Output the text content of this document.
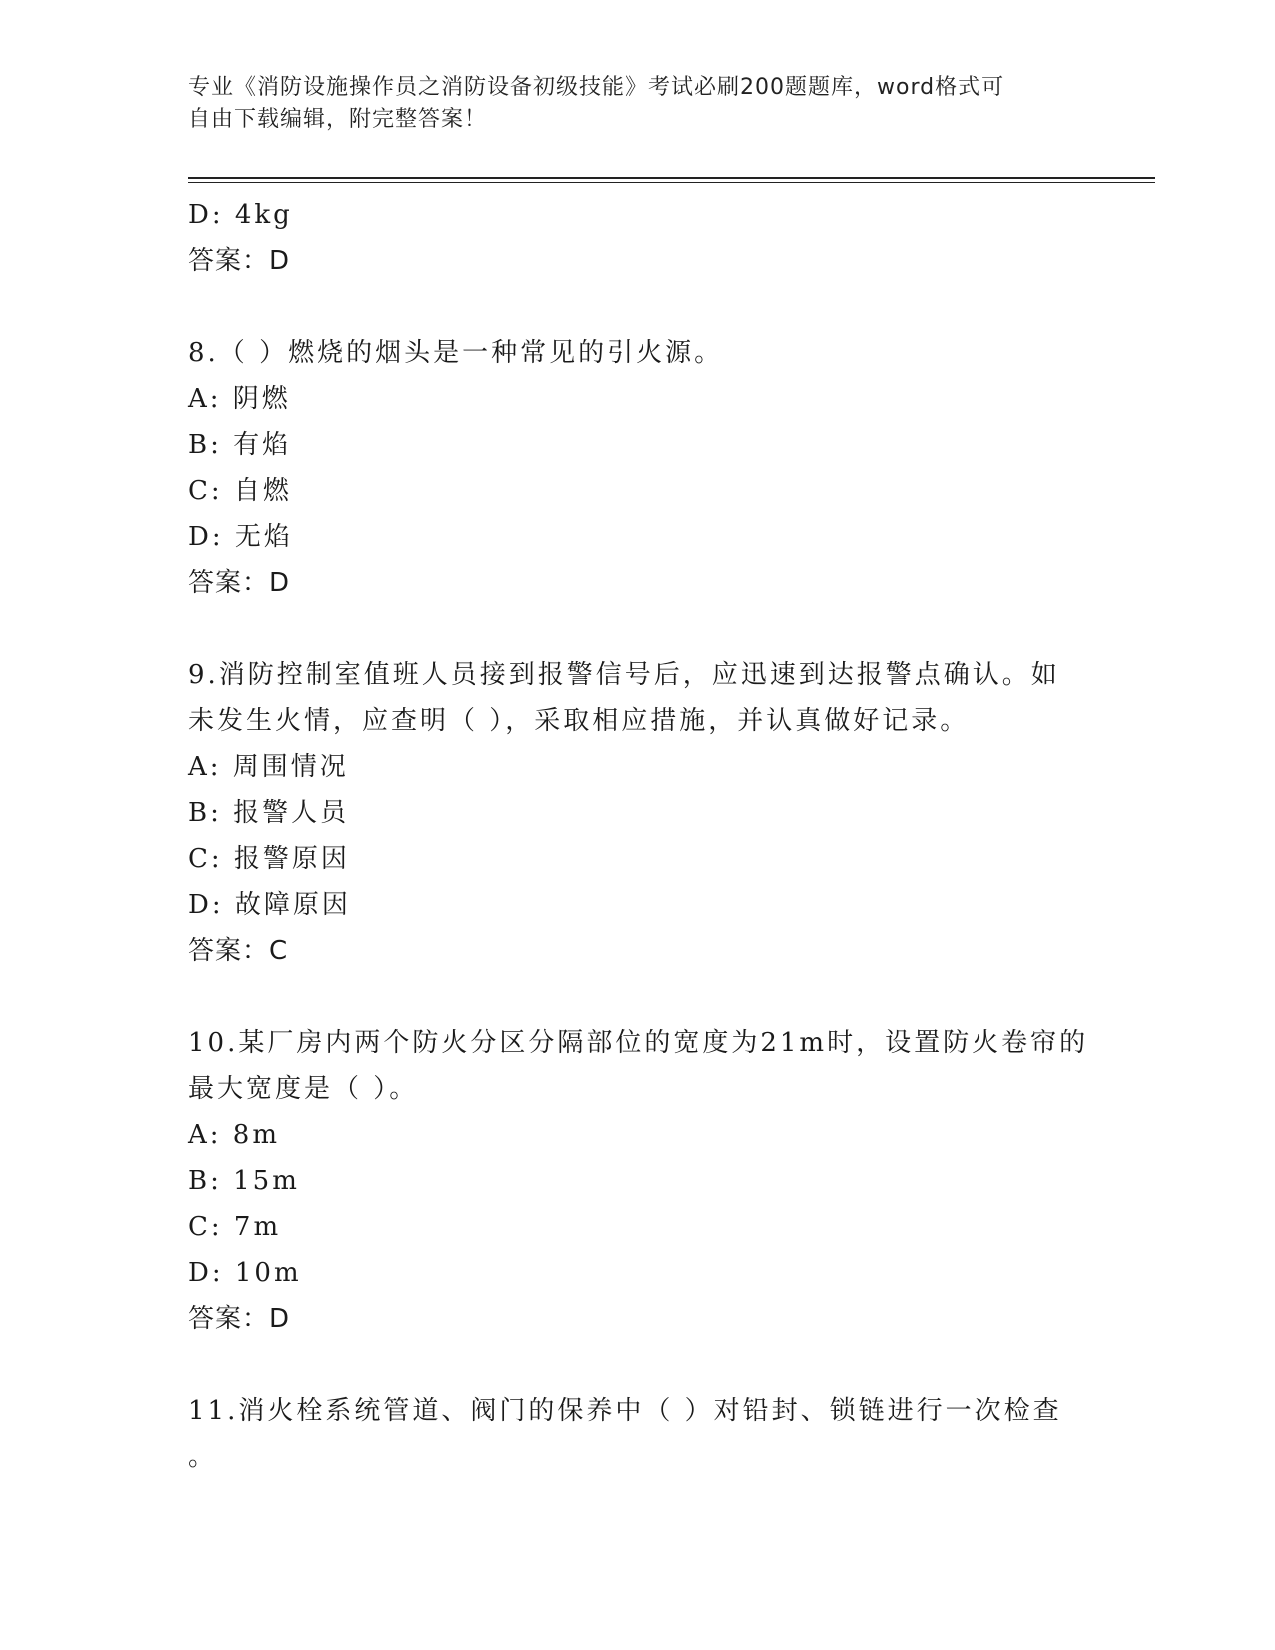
专业《消防设施操作员之消防设备初级技能》考试必刷200题题库，word格式可
自由下载编辑，附完整答案！
D: 4kg
答案：D
8.（ ）燃烧的烟头是一种常见的引火源。
A: 阴燃
B: 有焰
C: 自燃
D: 无焰
答案：D
9.消防控制室值班人员接到报警信号后，应迅速到达报警点确认。如
未发生火情，应查明（ ），采取相应措施，并认真做好记录。
A: 周围情况
B: 报警人员
C: 报警原因
D: 故障原因
答案：C
10.某厂房内两个防火分区分隔部位的宽度为21m时，设置防火卷帘的
最大宽度是（ ）。
A: 8m
B: 15m
C: 7m
D: 10m
答案：D
11.消火栓系统管道、阀门的保养中（ ）对铅封、锁链进行一次检查
。
